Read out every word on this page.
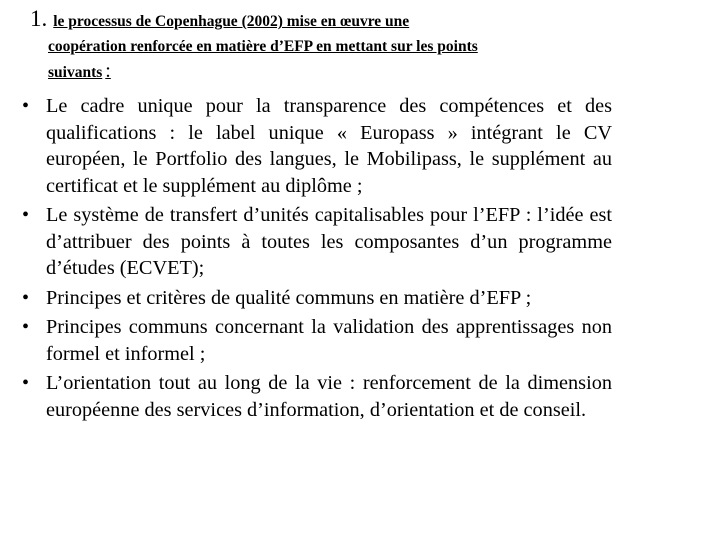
1. le processus de Copenhague (2002) mise en œuvre une
coopération renforcée en matière d’EFP en mettant sur les points
suivants :
• Le cadre unique pour la transparence des compétences et des qualifications : le label unique « Europass » intégrant le CV européen, le Portfolio des langues, le Mobilipass, le supplément au certificat et le supplément au diplôme ;
• Le système de transfert d’unités capitalisables pour l’EFP : l’idée est d’attribuer des points à toutes les composantes d’un programme d’études (ECVET);
• Principes et critères de qualité communs en matière d’EFP ;
• Principes communs concernant la validation des apprentissages non formel et informel ;
• L’orientation tout au long de la vie : renforcement de la dimension européenne des services d’information, d’orientation et de conseil.
